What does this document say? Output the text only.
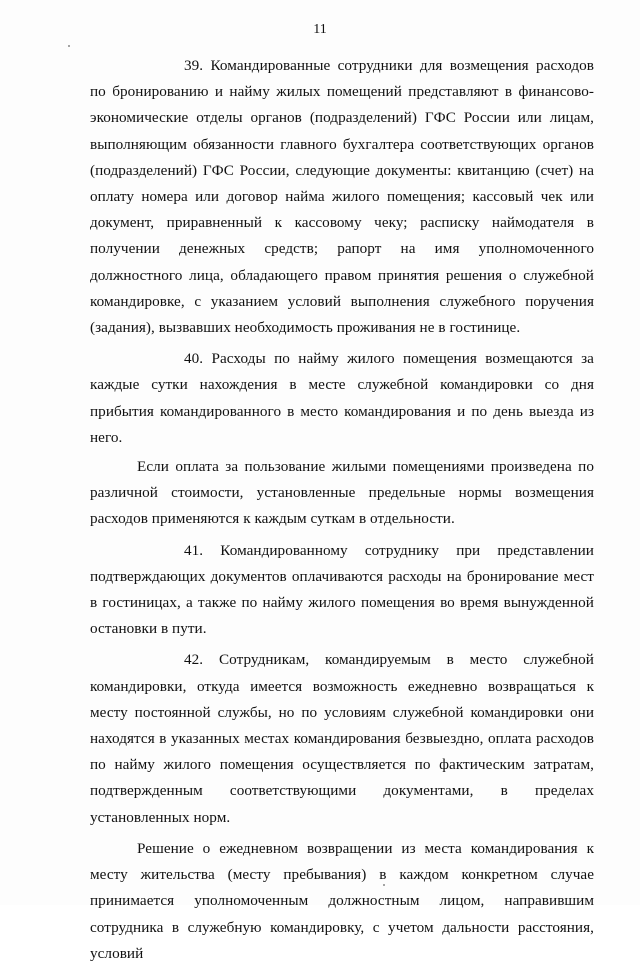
11

39. Командированные сотрудники для возмещения расходов по бронированию и найму жилых помещений представляют в финансово-экономические отделы органов (подразделений) ГФС России или лицам, выполняющим обязанности главного бухгалтера соответствующих органов (подразделений) ГФС России, следующие документы: квитанцию (счет) на оплату номера или договор найма жилого помещения; кассовый чек или документ, приравненный к кассовому чеку; расписку наймодателя в получении денежных средств; рапорт на имя уполномоченного должностного лица, обладающего правом принятия решения о служебной командировке, с указанием условий выполнения служебного поручения (задания), вызвавших необходимость проживания не в гостинице.

40. Расходы по найму жилого помещения возмещаются за каждые сутки нахождения в месте служебной командировки со дня прибытия командированного в место командирования и по день выезда из него.

Если оплата за пользование жилыми помещениями произведена по различной стоимости, установленные предельные нормы возмещения расходов применяются к каждым суткам в отдельности.

41. Командированному сотруднику при представлении подтверждающих документов оплачиваются расходы на бронирование мест в гостиницах, а также по найму жилого помещения во время вынужденной остановки в пути.

42. Сотрудникам, командируемым в место служебной командировки, откуда имеется возможность ежедневно возвращаться к месту постоянной службы, но по условиям служебной командировки они находятся в указанных местах командирования безвыездно, оплата расходов по найму жилого помещения осуществляется по фактическим затратам, подтвержденным соответствующими документами, в пределах установленных норм.

Решение о ежедневном возвращении из места командирования к месту жительства (месту пребывания) в каждом конкретном случае принимается уполномоченным должностным лицом, направившим сотрудника в служебную командировку, с учетом дальности расстояния, условий
